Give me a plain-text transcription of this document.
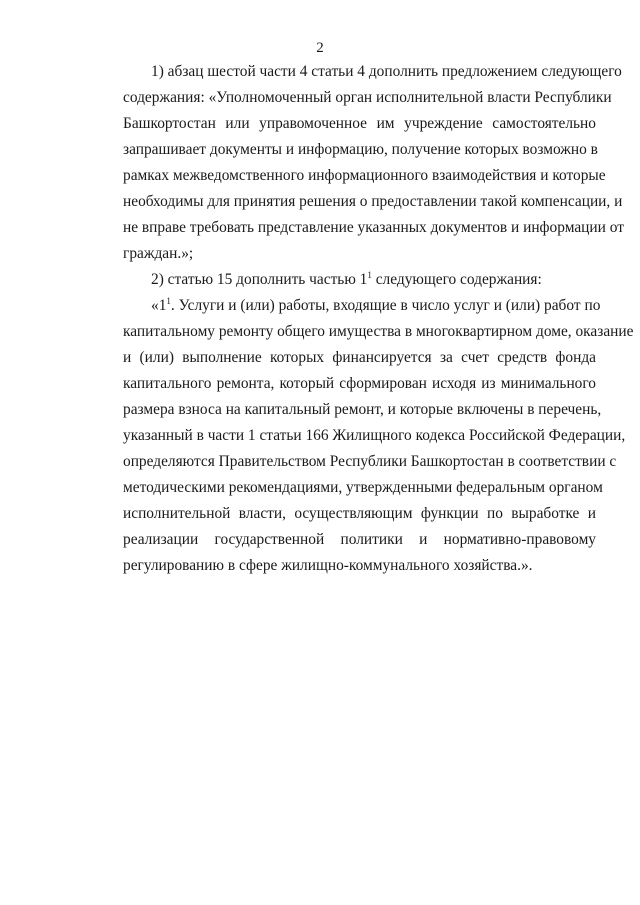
2
1) абзац шестой части 4 статьи 4 дополнить предложением следующего
содержания: «Уполномоченный орган исполнительной власти Республики
Башкортостан или управомоченное им учреждение самостоятельно
запрашивает документы и информацию, получение которых возможно в
рамках межведомственного информационного взаимодействия и которые
необходимы для принятия решения о предоставлении такой компенсации, и
не вправе требовать представление указанных документов и информации от
граждан.»;
2) статью 15 дополнить частью $1^1$ следующего содержания:
«$1^1$. Услуги и (или) работы, входящие в число услуг и (или) работ по
капитальному ремонту общего имущества в многоквартирном доме, оказание
и (или) выполнение которых финансируется за счет средств фонда
капитального ремонта, который сформирован исходя из минимального
размера взноса на капитальный ремонт, и которые включены в перечень,
указанный в части 1 статьи 166 Жилищного кодекса Российской Федерации,
определяются Правительством Республики Башкортостан в соответствии с
методическими рекомендациями, утвержденными федеральным органом
исполнительной власти, осуществляющим функции по выработке и
реализации государственной политики и нормативно-правовому
регулированию в сфере жилищно-коммунального хозяйства.».
